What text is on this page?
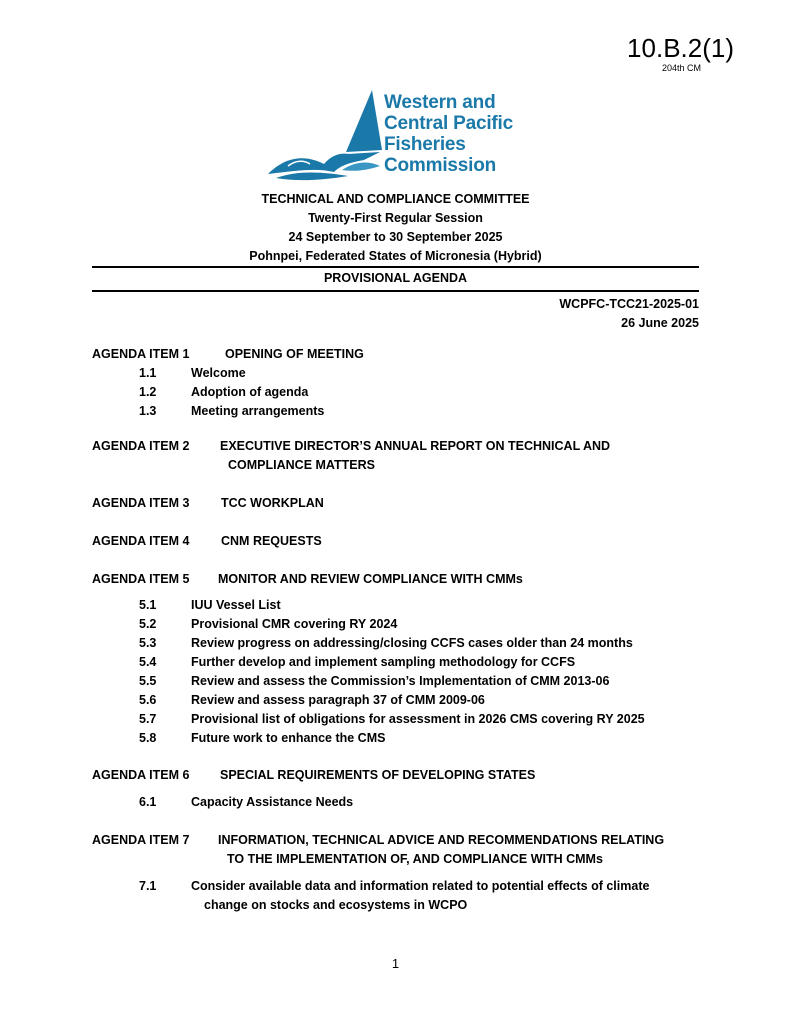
10.B.2(1)
204th CM
Western and
Central Pacific
Fisheries
Commission
TECHNICAL AND COMPLIANCE COMMITTEE
Twenty-First Regular Session
24 September to 30 September 2025
Pohnpei, Federated States of Micronesia (Hybrid)
PROVISIONAL AGENDA
WCPFC-TCC21-2025-01
26 June 2025
AGENDA ITEM 1	OPENING OF MEETING
1.1	Welcome
1.2	Adoption of agenda
1.3	Meeting arrangements
AGENDA ITEM 2 EXECUTIVE DIRECTOR’S ANNUAL REPORT ON TECHNICAL AND
COMPLIANCE MATTERS
AGENDA ITEM 3	TCC WORKPLAN
AGENDA ITEM 4	CNM REQUESTS
AGENDA ITEM 5 MONITOR AND REVIEW COMPLIANCE WITH CMMs
5.1	IUU Vessel List
5.2	Provisional CMR covering RY 2024
5.3	Review progress on addressing/closing CCFS cases older than 24 months
5.4	Further develop and implement sampling methodology for CCFS
5.5	Review and assess the Commission’s Implementation of CMM 2013-06
5.6	Review and assess paragraph 37 of CMM 2009-06
5.7	Provisional list of obligations for assessment in 2026 CMS covering RY 2025
5.8	Future work to enhance the CMS
AGENDA ITEM 6 SPECIAL REQUIREMENTS OF DEVELOPING STATES
6.1	Capacity Assistance Needs
AGENDA ITEM 7 INFORMATION, TECHNICAL ADVICE AND RECOMMENDATIONS RELATING
TO THE IMPLEMENTATION OF, AND COMPLIANCE WITH CMMs
7.1	Consider available data and information related to potential effects of climate
change on stocks and ecosystems in WCPO
1
